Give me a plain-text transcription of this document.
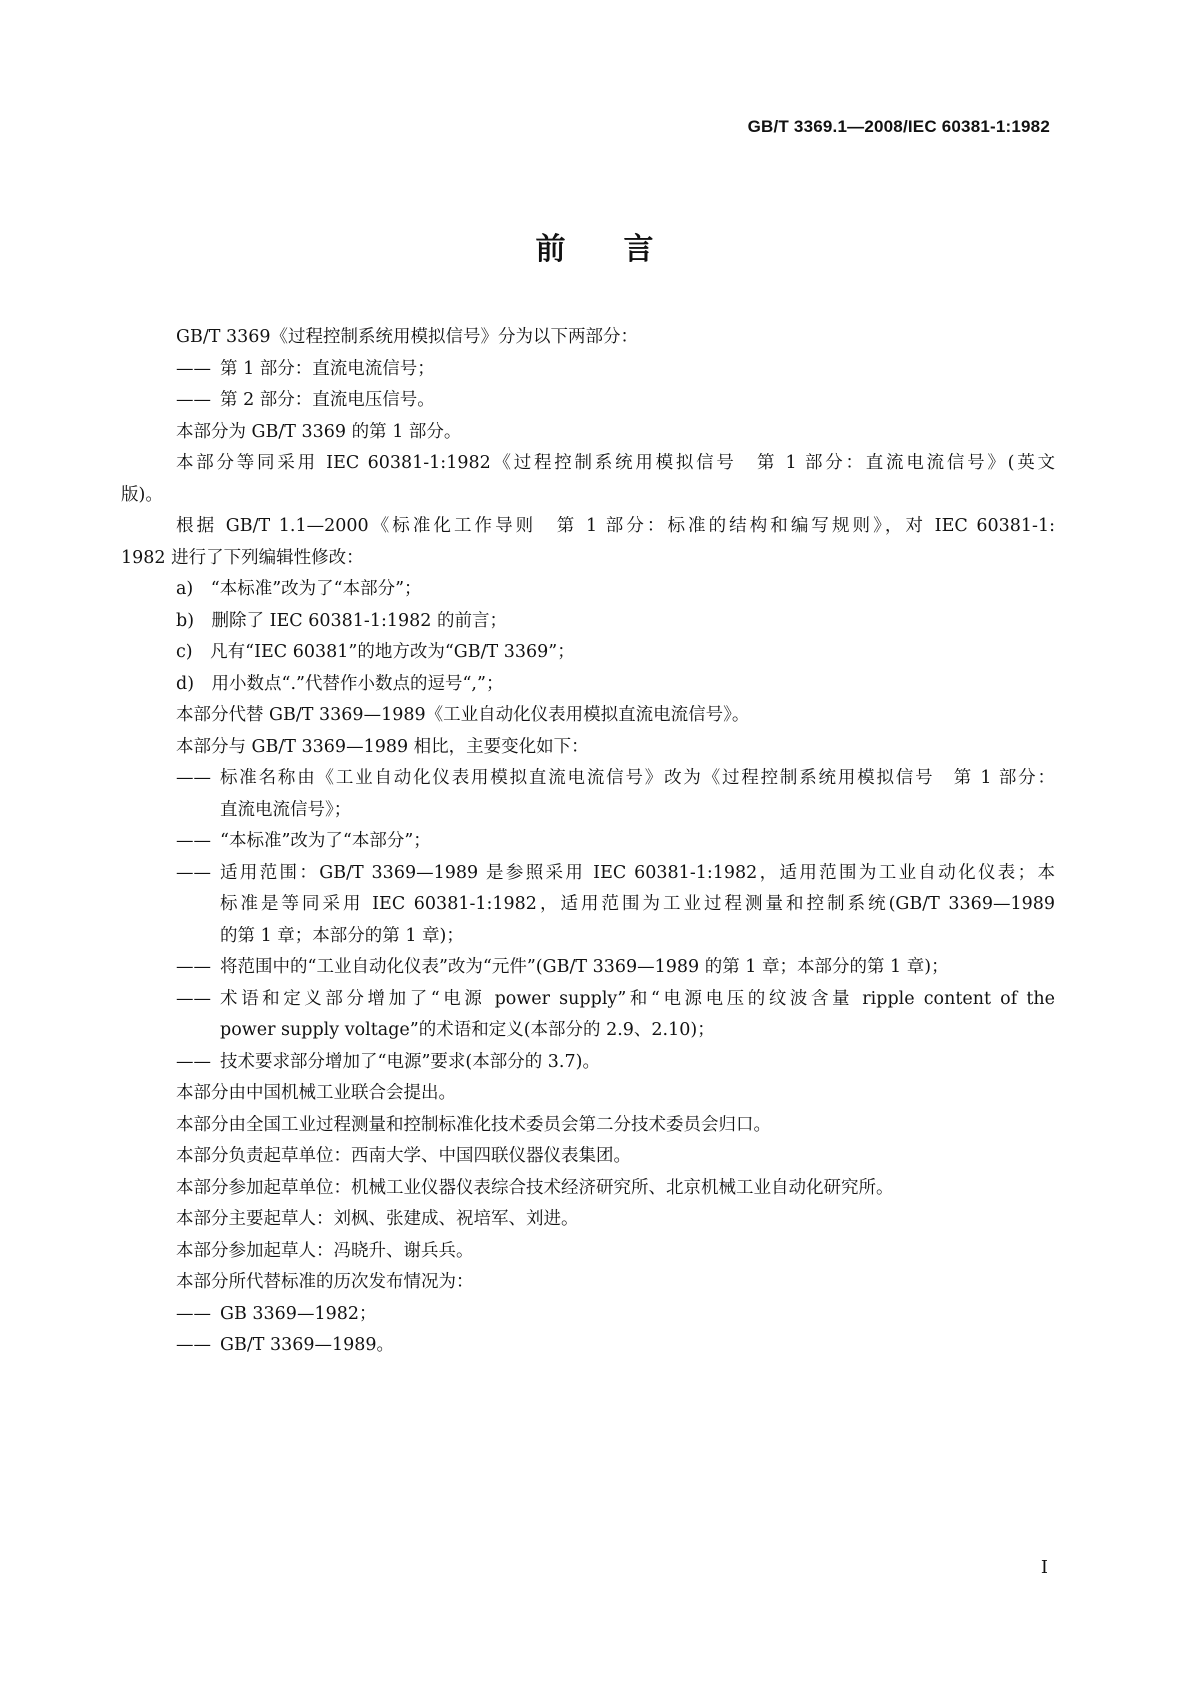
GB/T 3369.1—2008/IEC 60381-1:1982
前 言
GB/T 3369《过程控制系统用模拟信号》分为以下两部分：
—— 第 1 部分：直流电流信号；
—— 第 2 部分：直流电压信号。
本部分为 GB/T 3369 的第 1 部分。
本部分等同采用 IEC 60381-1:1982《过程控制系统用模拟信号　第 1 部分：直流电流信号》(英文
版)。
根据 GB/T 1.1—2000《标准化工作导则　第 1 部分：标准的结构和编写规则》，对 IEC 60381-1:
1982 进行了下列编辑性修改：
a)　“本标准”改为了“本部分”；
b)　删除了 IEC 60381-1:1982 的前言；
c)　凡有“IEC 60381”的地方改为“GB/T 3369”；
d)　用小数点“.”代替作小数点的逗号“,”；
本部分代替 GB/T 3369—1989《工业自动化仪表用模拟直流电流信号》。
本部分与 GB/T 3369—1989 相比，主要变化如下：
—— 标准名称由《工业自动化仪表用模拟直流电流信号》改为《过程控制系统用模拟信号　第 1 部分：
直流电流信号》；
—— “本标准”改为了“本部分”；
—— 适用范围：GB/T 3369—1989 是参照采用 IEC 60381-1:1982，适用范围为工业自动化仪表；本
标准是等同采用 IEC 60381-1:1982，适用范围为工业过程测量和控制系统(GB/T 3369—1989
的第 1 章；本部分的第 1 章)；
—— 将范围中的“工业自动化仪表”改为“元件”(GB/T 3369—1989 的第 1 章；本部分的第 1 章)；
—— 术语和定义部分增加了“电源 power supply”和“电源电压的纹波含量 ripple content of the
power supply voltage”的术语和定义(本部分的 2.9、2.10)；
—— 技术要求部分增加了“电源”要求(本部分的 3.7)。
本部分由中国机械工业联合会提出。
本部分由全国工业过程测量和控制标准化技术委员会第二分技术委员会归口。
本部分负责起草单位：西南大学、中国四联仪器仪表集团。
本部分参加起草单位：机械工业仪器仪表综合技术经济研究所、北京机械工业自动化研究所。
本部分主要起草人：刘枫、张建成、祝培军、刘进。
本部分参加起草人：冯晓升、谢兵兵。
本部分所代替标准的历次发布情况为：
—— GB 3369—1982；
—— GB/T 3369—1989。
I
